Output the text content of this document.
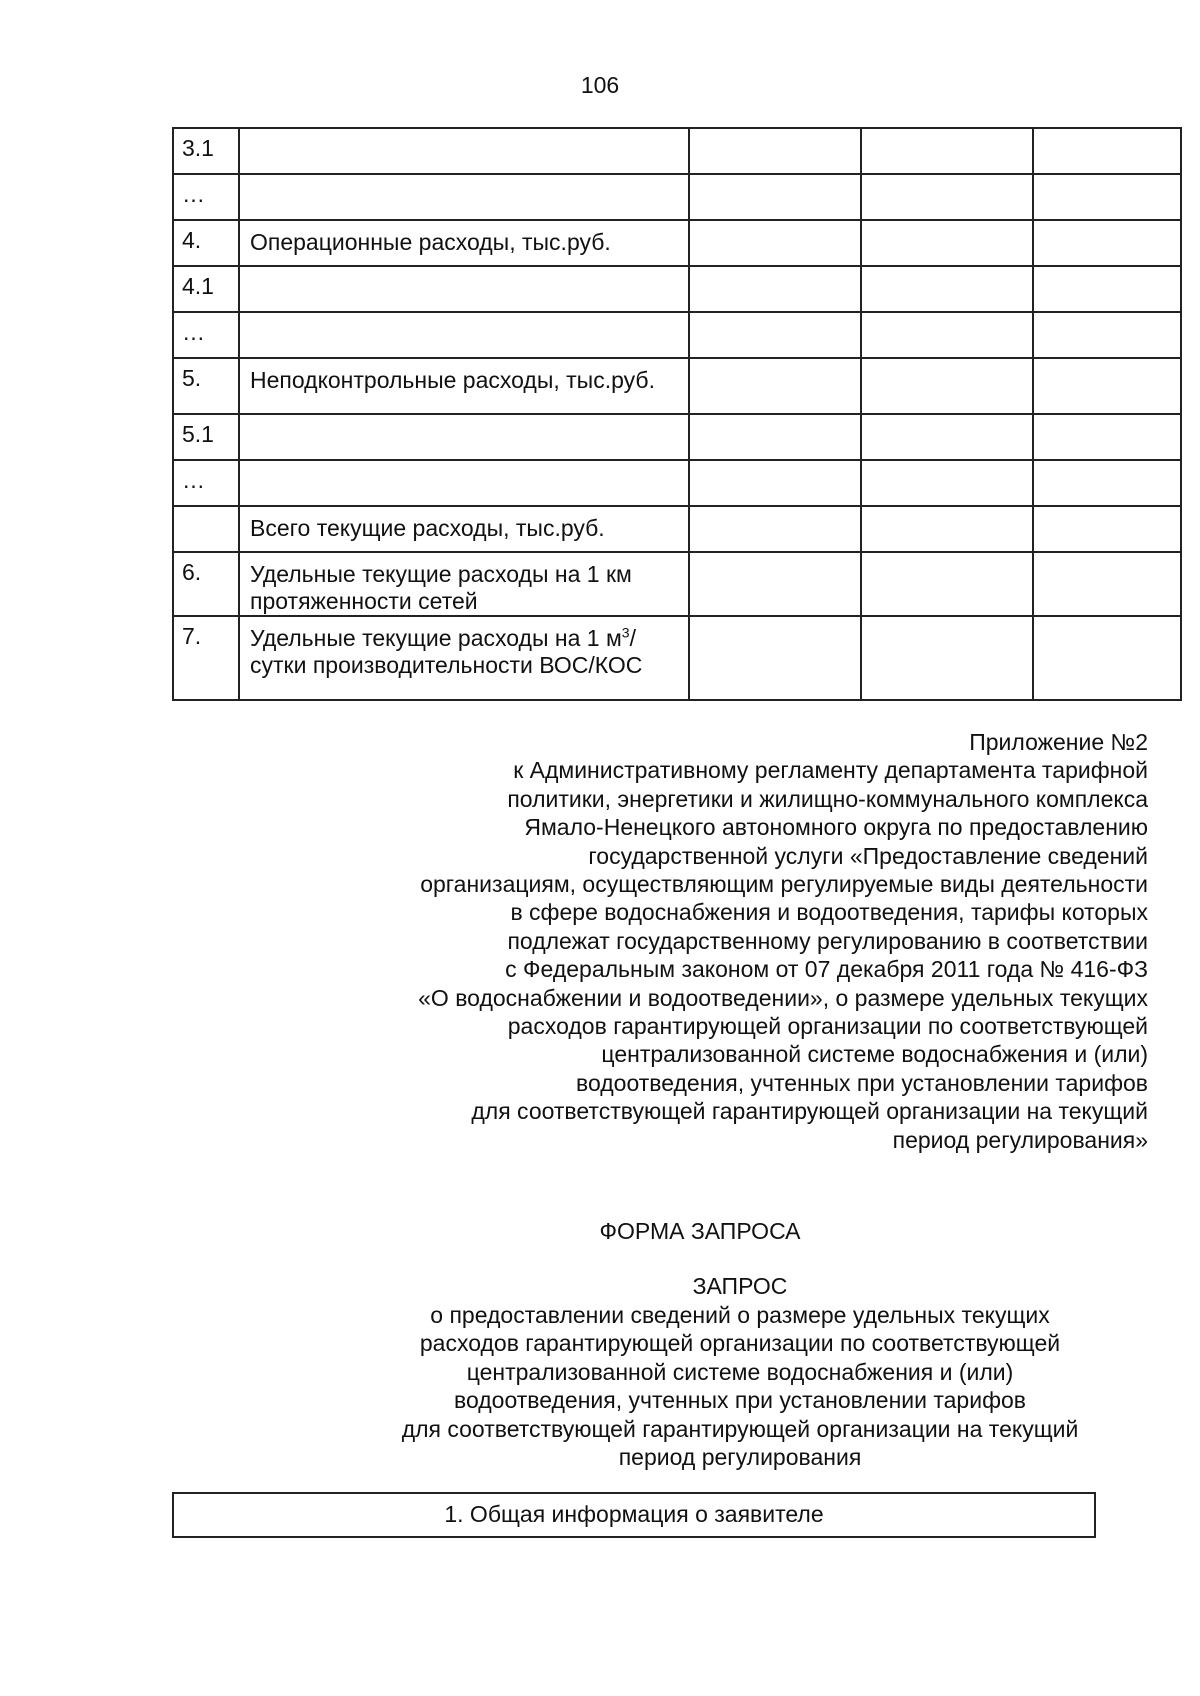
106
3.1				
…				
4.	Операционные расходы, тыс.руб.			
4.1				
…				
5.	Неподконтрольные расходы, тыс.руб.			
5.1				
…				
	Всего текущие расходы, тыс.руб.			
6.	Удельные текущие расходы на 1 км протяженности сетей			
7.	Удельные текущие расходы на 1 $м^3$/сутки производительности ВОС/КОС			
Приложение №2
к Административному регламенту департамента тарифной
политики, энергетики и жилищно-коммунального комплекса
Ямало-Ненецкого автономного округа по предоставлению
государственной услуги «Предоставление сведений
организациям, осуществляющим регулируемые виды деятельности
в сфере водоснабжения и водоотведения, тарифы которых
подлежат государственному регулированию в соответствии
с Федеральным законом от 07 декабря 2011 года № 416-ФЗ
«О водоснабжении и водоотведении», о размере удельных текущих
расходов гарантирующей организации по соответствующей
централизованной системе водоснабжения и (или)
водоотведения, учтенных при установлении тарифов
для соответствующей гарантирующей организации на текущий
период регулирования»
ФОРМА ЗАПРОСА
ЗАПРОС
о предоставлении сведений о размере удельных текущих
расходов гарантирующей организации по соответствующей
централизованной системе водоснабжения и (или)
водоотведения, учтенных при установлении тарифов
для соответствующей гарантирующей организации на текущий
период регулирования
1. Общая информация о заявителе
